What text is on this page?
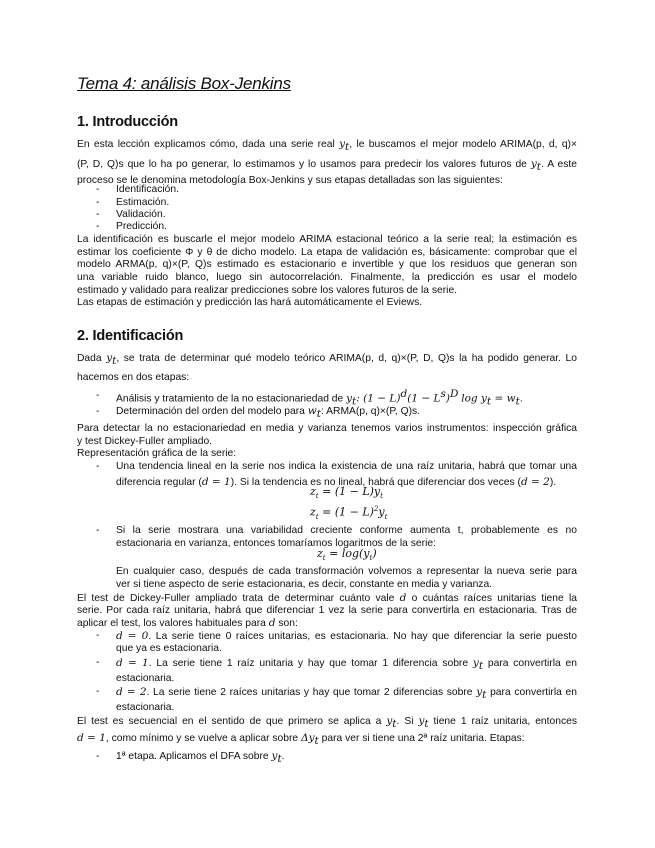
Tema 4: análisis Box-Jenkins
1. Introducción
En esta lección explicamos cómo, dada una serie real $y_t$, le buscamos el mejor modelo ARIMA(p, d, q)×
(P, D, Q)s que lo ha po generar, lo estimamos y lo usamos para predecir los valores futuros de $y_t$. A este
proceso se le denomina metodología Box-Jenkins y sus etapas detalladas son las siguientes:
- Identificación.
- Estimación.
- Validación.
- Predicción.
La identificación es buscarle el mejor modelo ARIMA estacional teórico a la serie real; la estimación es
estimar los coeficiente Φ y θ de dicho modelo. La etapa de validación es, básicamente: comprobar que el
modelo ARMA(p, q)×(P, Q)s estimado es estacionario e invertible y que los residuos que generan son
una variable ruido blanco, luego sin autocorrelación. Finalmente, la predicción es usar el modelo
estimado y validado para realizar predicciones sobre los valores futuros de la serie.
Las etapas de estimación y predicción las hará automáticamente el Eviews.
2. Identificación
Dada $y_t$, se trata de determinar qué modelo teórico ARIMA(p, d, q)×(P, D, Q)s la ha podido generar. Lo
hacemos en dos etapas:
- Análisis y tratamiento de la no estacionariedad de $y_t$: $(1 - L)^d(1 - L^s)^D$ $\log y_t = w_t$.
- Determinación del orden del modelo para $w_t$: ARMA(p, q)×(P, Q)s.
Para detectar la no estacionariedad en media y varianza tenemos varios instrumentos: inspección gráfica
y test Dickey-Fuller ampliado.
Representación gráfica de la serie:
- Una tendencia lineal en la serie nos indica la existencia de una raíz unitaria, habrá que tomar una
diferencia regular (d = 1). Si la tendencia es no lineal, habrá que diferenciar dos veces (d = 2).
$z_t = (1 - L)y_t$
$z_t = (1 - L)^2y_t$
- Si la serie mostrara una variabilidad creciente conforme aumenta t, probablemente es no
estacionaria en varianza, entonces tomaríamos logaritmos de la serie:
$z_t = \log(y_t)$
En cualquier caso, después de cada transformación volvemos a representar la nueva serie para
ver si tiene aspecto de serie estacionaria, es decir, constante en media y varianza.
El test de Dickey-Fuller ampliado trata de determinar cuánto vale d o cuántas raíces unitarias tiene la
serie. Por cada raíz unitaria, habrá que diferenciar 1 vez la serie para convertirla en estacionaria. Tras de
aplicar el test, los valores habituales para d son:
- d = 0. La serie tiene 0 raíces unitarias, es estacionaria. No hay que diferenciar la serie puesto
que ya es estacionaria.
- d = 1. La serie tiene 1 raíz unitaria y hay que tomar 1 diferencia sobre $y_t$ para convertirla en
estacionaria.
- d = 2. La serie tiene 2 raíces unitarias y hay que tomar 2 diferencias sobre $y_t$ para convertirla en
estacionaria.
El test es secuencial en el sentido de que primero se aplica a $y_t$. Si $y_t$ tiene 1 raíz unitaria, entonces
d = 1, como mínimo y se vuelve a aplicar sobre $\Delta y_t$ para ver si tiene una 2ª raíz unitaria. Etapas:
- 1ª etapa. Aplicamos el DFA sobre $y_t$.
